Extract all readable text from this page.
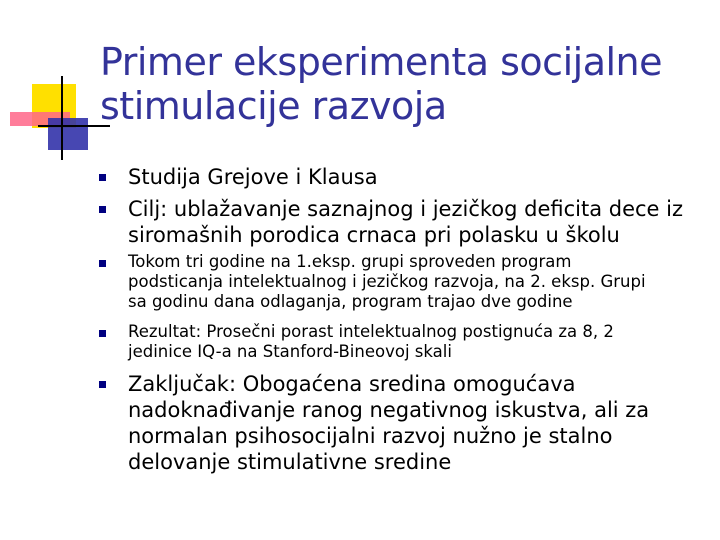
Primer eksperimenta socijalne
stimulacije razvoja
Studija Grejove i Klausa
Cilj: ublažavanje saznajnog i jezičkog deficita dece iz
siromašnih porodica crnaca pri polasku u školu
Tokom tri godine na 1.eksp. grupi sproveden program
podsticanja intelektualnog i jezičkog razvoja, na 2. eksp. Grupi
sa godinu dana odlaganja, program trajao dve godine
Rezultat: Prosečni porast intelektualnog postignuća za 8, 2
jedinice IQ-a na Stanford-Bineovoj skali
Zaključak: Obogaćena sredina omogućava
nadoknađivanje ranog negativnog iskustva, ali za
normalan psihosocijalni razvoj nužno je stalno
delovanje stimulativne sredine
